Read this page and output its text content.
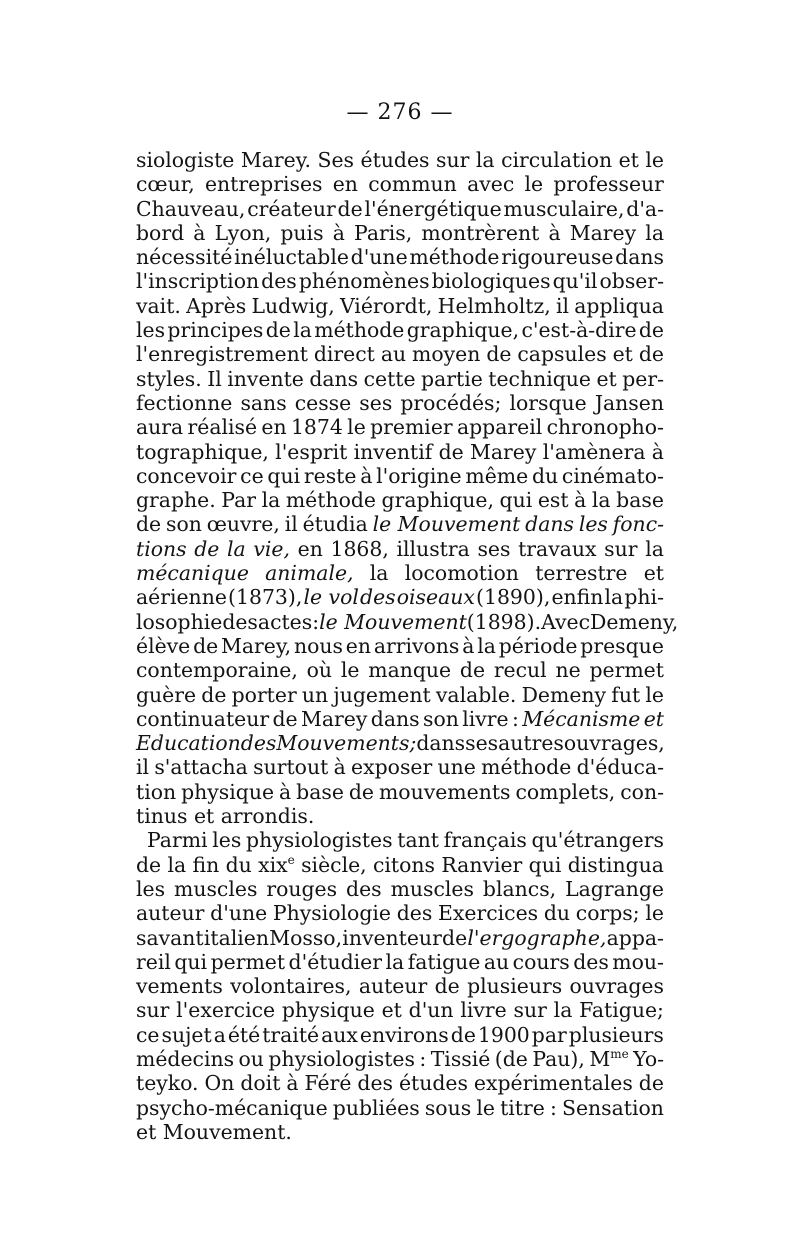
— 276 —
siologiste Marey. Ses études sur la circulation et le
cœur, entreprises en commun avec le professeur
Chauveau, créateur de l'énergétique musculaire, d'a-
bord à Lyon, puis à Paris, montrèrent à Marey la
nécessité inéluctable d'une méthode rigoureuse dans
l'inscription des phénomènes biologiques qu'il obser-
vait. Après Ludwig, Viérordt, Helmholtz, il appliqua
les principes de la méthode graphique, c'est-à-dire de
l'enregistrement direct au moyen de capsules et de
styles. Il invente dans cette partie technique et per-
fectionne sans cesse ses procédés; lorsque Jansen
aura réalisé en 1874 le premier appareil chronopho-
tographique, l'esprit inventif de Marey l'amènera à
concevoir ce qui reste à l'origine même du cinémato-
graphe. Par la méthode graphique, qui est à la base
de son œuvre, il étudia le Mouvement dans les fonc-
tions de la vie, en 1868, illustra ses travaux sur la
mécanique animale, la locomotion terrestre et
aérienne (1873), le vol des oiseaux (1890), enfin la phi-
losophie des actes: le Mouvement (1898). Avec Demeny,
élève de Marey, nous en arrivons à la période presque
contemporaine, où le manque de recul ne permet
guère de porter un jugement valable. Demeny fut le
continuateur de Marey dans son livre : Mécanisme et
Education des Mouvements; dans ses autres ouvrages,
il s'attacha surtout à exposer une méthode d'éduca-
tion physique à base de mouvements complets, con-
tinus et arrondis.
Parmi les physiologistes tant français qu'étrangers
de la fin du xix$^e$ siècle, citons Ranvier qui distingua
les muscles rouges des muscles blancs, Lagrange
auteur d'une Physiologie des Exercices du corps; le
savant italien Mosso, inventeur de l'ergographe, appa-
reil qui permet d'étudier la fatigue au cours des mou-
vements volontaires, auteur de plusieurs ouvrages
sur l'exercice physique et d'un livre sur la Fatigue;
ce sujet a été traité aux environs de 1900 par plusieurs
médecins ou physiologistes : Tissié (de Pau), $M^{me}$ Yo-
teyko. On doit à Féré des études expérimentales de
psycho-mécanique publiées sous le titre : Sensation
et Mouvement.
